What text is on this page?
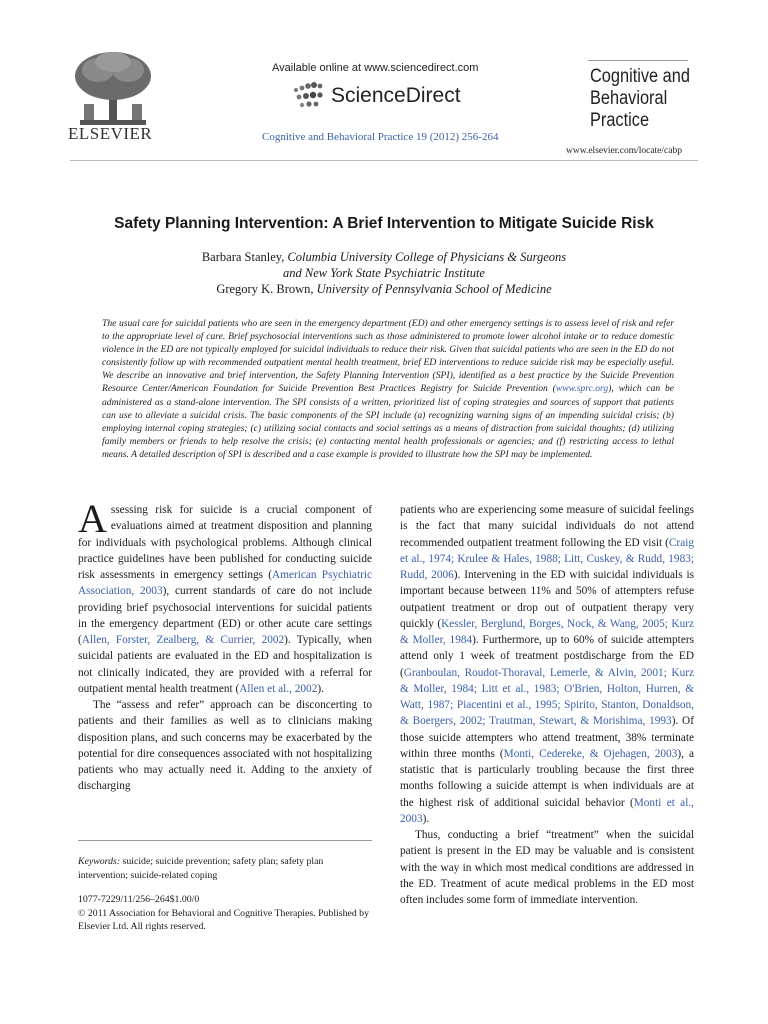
ELSEVIER
Available online at www.sciencedirect.com
ScienceDirect
Cognitive and Behavioral Practice 19 (2012) 256-264
Cognitive and
Behavioral
Practice
www.elsevier.com/locate/cabp
Safety Planning Intervention: A Brief Intervention to Mitigate Suicide Risk
Barbara Stanley, Columbia University College of Physicians & Surgeons
and New York State Psychiatric Institute
Gregory K. Brown, University of Pennsylvania School of Medicine
The usual care for suicidal patients who are seen in the emergency department (ED) and other emergency settings is to assess level of risk and refer to the appropriate level of care. Brief psychosocial interventions such as those administered to promote lower alcohol intake or to reduce domestic violence in the ED are not typically employed for suicidal individuals to reduce their risk. Given that suicidal patients who are seen in the ED do not consistently follow up with recommended outpatient mental health treatment, brief ED interventions to reduce suicide risk may be especially useful. We describe an innovative and brief intervention, the Safety Planning Intervention (SPI), identified as a best practice by the Suicide Prevention Resource Center/American Foundation for Suicide Prevention Best Practices Registry for Suicide Prevention (www.sprc.org), which can be administered as a stand-alone intervention. The SPI consists of a written, prioritized list of coping strategies and sources of support that patients can use to alleviate a suicidal crisis. The basic components of the SPI include (a) recognizing warning signs of an impending suicidal crisis; (b) employing internal coping strategies; (c) utilizing social contacts and social settings as a means of distraction from suicidal thoughts; (d) utilizing family members or friends to help resolve the crisis; (e) contacting mental health professionals or agencies; and (f) restricting access to lethal means. A detailed description of SPI is described and a case example is provided to illustrate how the SPI may be implemented.

Assessing risk for suicide is a crucial component of evaluations aimed at treatment disposition and planning for individuals with psychological problems. Although clinical practice guidelines have been published for conducting suicide risk assessments in emergency settings (American Psychiatric Association, 2003), current standards of care do not include providing brief psychosocial interventions for suicidal patients in the emergency department (ED) or other acute care settings (Allen, Forster, Zealberg, & Currier, 2002). Typically, when suicidal patients are evaluated in the ED and hospitalization is not clinically indicated, they are provided with a referral for outpatient mental health treatment (Allen et al., 2002).

The “assess and refer” approach can be disconcerting to patients and their families as well as to clinicians making disposition plans, and such concerns may be exacerbated by the potential for dire consequences associated with not hospitalizing patients who may actually need it. Adding to the anxiety of discharging

patients who are experiencing some measure of suicidal feelings is the fact that many suicidal individuals do not attend recommended outpatient treatment following the ED visit (Craig et al., 1974; Krulee & Hales, 1988; Litt, Cuskey, & Rudd, 1983; Rudd, 2006). Intervening in the ED with suicidal individuals is important because between 11% and 50% of attempters refuse outpatient treatment or drop out of outpatient therapy very quickly (Kessler, Berglund, Borges, Nock, & Wang, 2005; Kurz & Moller, 1984). Furthermore, up to 60% of suicide attempters attend only 1 week of treatment postdischarge from the ED (Granboulan, Roudot-Thoraval, Lemerle, & Alvin, 2001; Kurz & Moller, 1984; Litt et al., 1983; O'Brien, Holton, Hurren, & Watt, 1987; Piacentini et al., 1995; Spirito, Stanton, Donaldson, & Boergers, 2002; Trautman, Stewart, & Morishima, 1993). Of those suicide attempters who attend treatment, 38% terminate within three months (Monti, Cedereke, & Ojehagen, 2003), a statistic that is particularly troubling because the first three months following a suicide attempt is when individuals are at the highest risk of additional suicidal behavior (Monti et al., 2003).

Thus, conducting a brief “treatment” when the suicidal patient is present in the ED may be valuable and is consistent with the way in which most medical conditions are addressed in the ED. Treatment of acute medical problems in the ED most often includes some form of immediate intervention.

Keywords: suicide; suicide prevention; safety plan; safety plan intervention; suicide-related coping
1077-7229/11/256–264$1.00/0
© 2011 Association for Behavioral and Cognitive Therapies. Published by Elsevier Ltd. All rights reserved.
